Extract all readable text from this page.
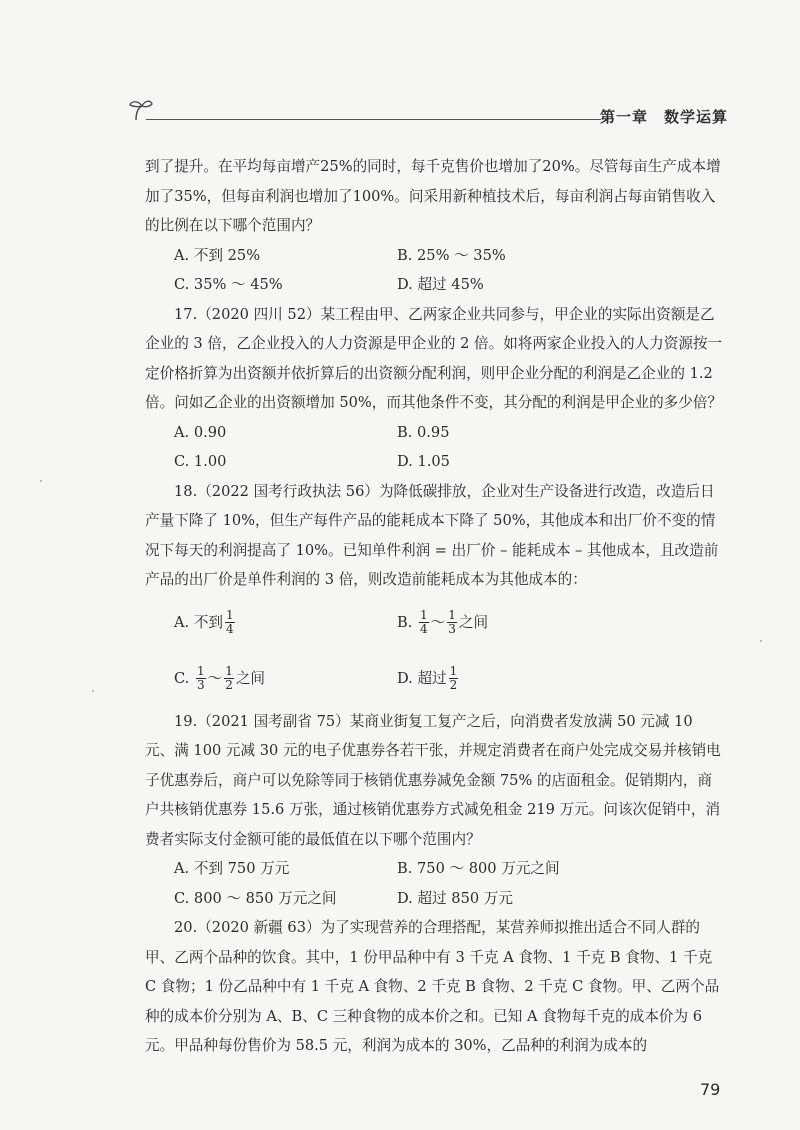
第一章　数学运算
到了提升。在平均每亩增产25%的同时，每千克售价也增加了20%。尽管每亩生产成本增加了35%，但每亩利润也增加了100%。问采用新种植技术后，每亩利润占每亩销售收入的比例在以下哪个范围内？
A. 不到 25%	B. 25% ～ 35%
C. 35% ～ 45%	D. 超过 45%
17.（2020 四川 52）某工程由甲、乙两家企业共同参与，甲企业的实际出资额是乙企业的 3 倍，乙企业投入的人力资源是甲企业的 2 倍。如将两家企业投入的人力资源按一定价格折算为出资额并依折算后的出资额分配利润，则甲企业分配的利润是乙企业的 1.2 倍。问如乙企业的出资额增加 50%，而其他条件不变，其分配的利润是甲企业的多少倍？
A. 0.90	B. 0.95
C. 1.00	D. 1.05
18.（2022 国考行政执法 56）为降低碳排放，企业对生产设备进行改造，改造后日产量下降了 10%，但生产每件产品的能耗成本下降了 50%，其他成本和出厂价不变的情况下每天的利润提高了 10%。已知单件利润 = 出厂价 – 能耗成本 – 其他成本，且改造前产品的出厂价是单件利润的 3 倍，则改造前能耗成本为其他成本的：
A. 不到 $\frac{1}{4}$	B. $\frac{1}{4}$ ～ $\frac{1}{3}$ 之间
C. $\frac{1}{3}$ ～ $\frac{1}{2}$ 之间	D. 超过 $\frac{1}{2}$
19.（2021 国考副省 75）某商业街复工复产之后，向消费者发放满 50 元减 10 元、满 100 元减 30 元的电子优惠券各若干张，并规定消费者在商户处完成交易并核销电子优惠券后，商户可以免除等同于核销优惠券减免金额 75% 的店面租金。促销期内，商户共核销优惠券 15.6 万张，通过核销优惠券方式减免租金 219 万元。问该次促销中，消费者实际支付金额可能的最低值在以下哪个范围内？
A. 不到 750 万元	B. 750 ～ 800 万元之间
C. 800 ～ 850 万元之间	D. 超过 850 万元
20.（2020 新疆 63）为了实现营养的合理搭配，某营养师拟推出适合不同人群的甲、乙两个品种的饮食。其中，1 份甲品种中有 3 千克 A 食物、1 千克 B 食物、1 千克 C 食物；1 份乙品种中有 1 千克 A 食物、2 千克 B 食物、2 千克 C 食物。甲、乙两个品种的成本价分别为 A、B、C 三种食物的成本价之和。已知 A 食物每千克的成本价为 6 元。甲品种每份售价为 58.5 元，利润为成本的 30%，乙品种的利润为成本的
79
